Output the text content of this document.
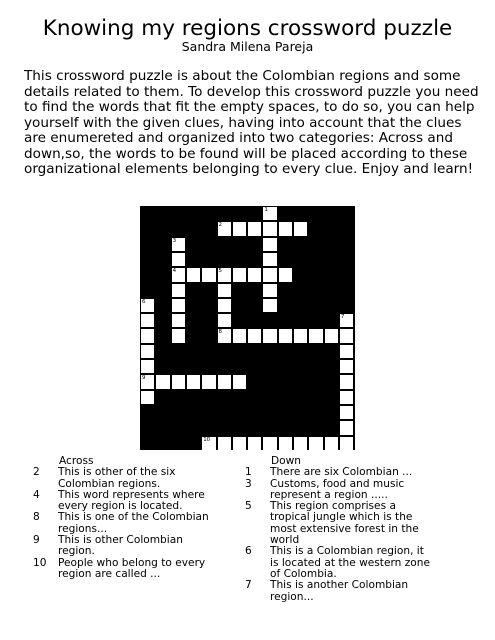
Knowing my regions crossword puzzle
Sandra Milena Pareja

This crossword puzzle is about the Colombian regions and some details related to them. To develop this crossword puzzle you need to find the words that fit the empty spaces, to do so, you can help yourself with the given clues, having into account that the clues are enumereted and organized into two categories: Across and down,so, the words to be found will be placed according to these organizational elements belonging to every clue. Enjoy and learn!

1
2
3
4	5
8
6
9
7
10
Across
2	This is other of the six Colombian regions.
4	This word represents where every region is located.
8	This is one of the Colombian regions...
9	This is other Colombian region.
10	People who belong to every region are called ...
Down
1	There are six Colombian ...
3	Customs, food and music represent a region .....
5	This region comprises a tropical jungle which is the most extensive forest in the world
6	This is a Colombian region, it is located at the western zone of Colombia.
7	This is another Colombian region...
